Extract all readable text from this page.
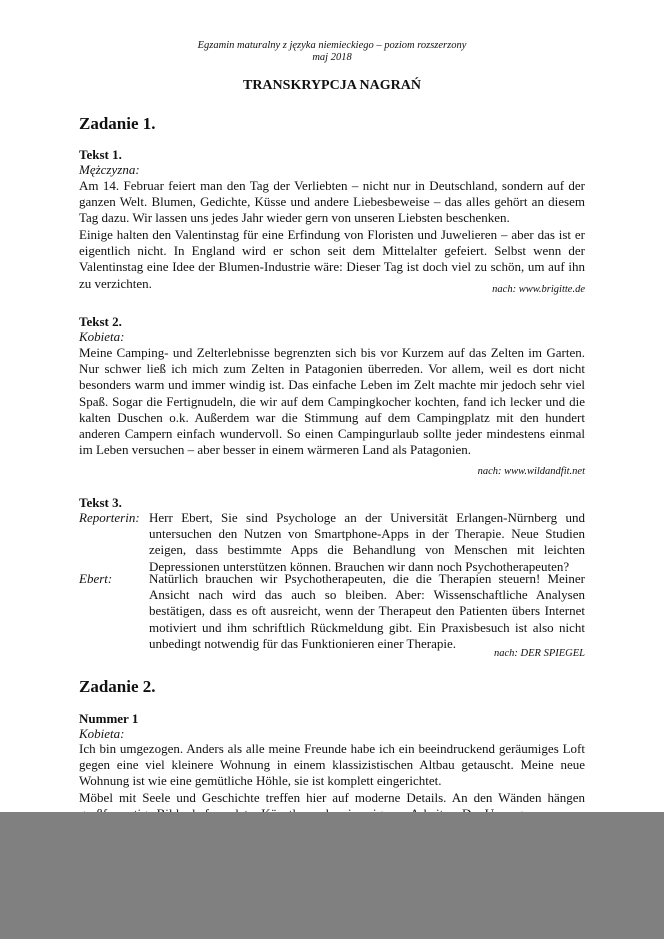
Egzamin maturalny z języka niemieckiego – poziom rozszerzony
maj 2018
TRANSKRYPCJA NAGRAŃ
Zadanie 1.
Tekst 1.
Mężczyzna:

Am 14. Februar feiert man den Tag der Verliebten – nicht nur in Deutschland, sondern auf der ganzen Welt. Blumen, Gedichte, Küsse und andere Liebesbeweise – das alles gehört an diesem Tag dazu. Wir lassen uns jedes Jahr wieder gern von unseren Liebsten beschenken.

Einige halten den Valentinstag für eine Erfindung von Floristen und Juwelieren – aber das ist er eigentlich nicht. In England wird er schon seit dem Mittelalter gefeiert. Selbst wenn der Valentinstag eine Idee der Blumen-Industrie wäre: Dieser Tag ist doch viel zu schön, um auf ihn zu verzichten.	nach: www.brigitte.de
Tekst 2.
Kobieta:

Meine Camping- und Zelterlebnisse begrenzten sich bis vor Kurzem auf das Zelten im Garten. Nur schwer ließ ich mich zum Zelten in Patagonien überreden. Vor allem, weil es dort nicht besonders warm und immer windig ist. Das einfache Leben im Zelt machte mir jedoch sehr viel Spaß. Sogar die Fertignudeln, die wir auf dem Campingkocher kochten, fand ich lecker und die kalten Duschen o.k. Außerdem war die Stimmung auf dem Campingplatz mit den hundert anderen Campern einfach wundervoll. So einen Campingurlaub sollte jeder mindestens einmal im Leben versuchen – aber besser in einem wärmeren Land als Patagonien.

nach: www.wildandfit.net
Tekst 3.
Reporterin: Herr Ebert, Sie sind Psychologe an der Universität Erlangen-Nürnberg und untersuchen den Nutzen von Smartphone-Apps in der Therapie. Neue Studien zeigen, dass bestimmte Apps die Behandlung von Menschen mit leichten Depressionen unterstützen können. Brauchen wir dann noch Psychotherapeuten?

Ebert:	Natürlich brauchen wir Psychotherapeuten, die die Therapien steuern! Meiner Ansicht nach wird das auch so bleiben. Aber: Wissenschaftliche Analysen bestätigen, dass es oft ausreicht, wenn der Therapeut den Patienten übers Internet motiviert und ihm schriftlich Rückmeldung gibt. Ein Praxisbesuch ist also nicht unbedingt notwendig für das Funktionieren einer Therapie.

nach: DER SPIEGEL
Zadanie 2.
Nummer 1
Kobieta:

Ich bin umgezogen. Anders als alle meine Freunde habe ich ein beeindruckend geräumiges Loft gegen eine viel kleinere Wohnung in einem klassizistischen Altbau getauscht. Meine neue Wohnung ist wie eine gemütliche Höhle, sie ist komplett eingerichtet.

Möbel mit Seele und Geschichte treffen hier auf moderne Details. An den Wänden hängen
